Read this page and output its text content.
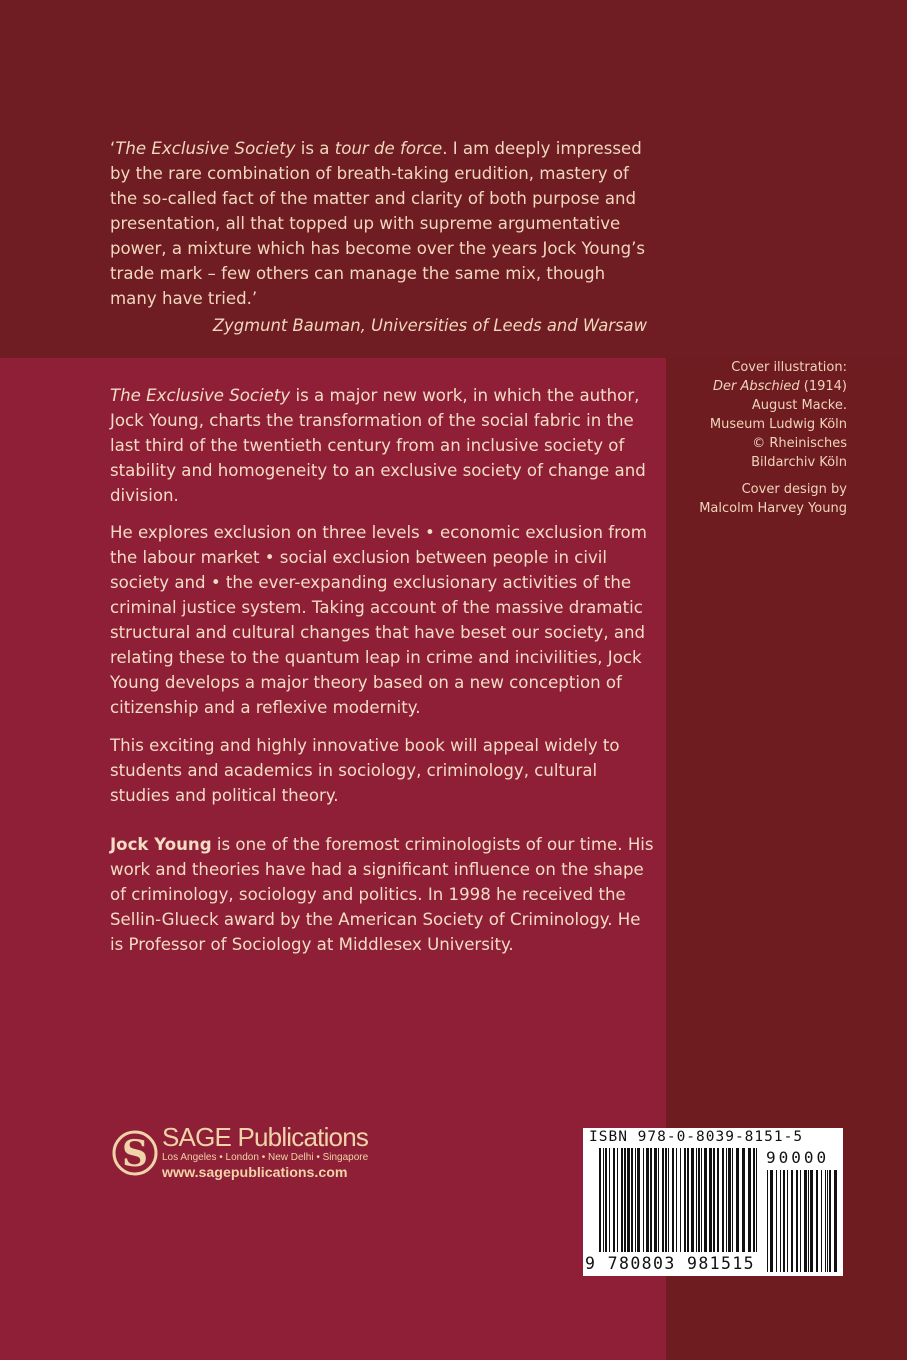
‘The Exclusive Society is a tour de force. I am deeply impressed by the rare combination of breath-taking erudition, mastery of the so-called fact of the matter and clarity of both purpose and presentation, all that topped up with supreme argumentative power, a mixture which has become over the years Jock Young’s trade mark – few others can manage the same mix, though many have tried.’
Zygmunt Bauman, Universities of Leeds and Warsaw

The Exclusive Society is a major new work, in which the author, Jock Young, charts the transformation of the social fabric in the last third of the twentieth century from an inclusive society of stability and homogeneity to an exclusive society of change and division.

He explores exclusion on three levels • economic exclusion from the labour market • social exclusion between people in civil society and • the ever-expanding exclusionary activities of the criminal justice system. Taking account of the massive dramatic structural and cultural changes that have beset our society, and relating these to the quantum leap in crime and incivilities, Jock Young develops a major theory based on a new conception of citizenship and a reflexive modernity.

This exciting and highly innovative book will appeal widely to students and academics in sociology, criminology, cultural studies and political theory.

Jock Young is one of the foremost criminologists of our time. His work and theories have had a significant influence on the shape of criminology, sociology and politics. In 1998 he received the Sellin-Glueck award by the American Society of Criminology. He is Professor of Sociology at Middlesex University.

Cover illustration:
Der Abschied (1914)
August Macke.
Museum Ludwig Köln
© Rheinisches
Bildarchiv Köln
Cover design by
Malcolm Harvey Young
S SAGE Publications
Los Angeles • London • New Delhi • Singapore
www.sagepublications.com
ISBN 978-0-8039-8151-5
90000
9 780803 981515
